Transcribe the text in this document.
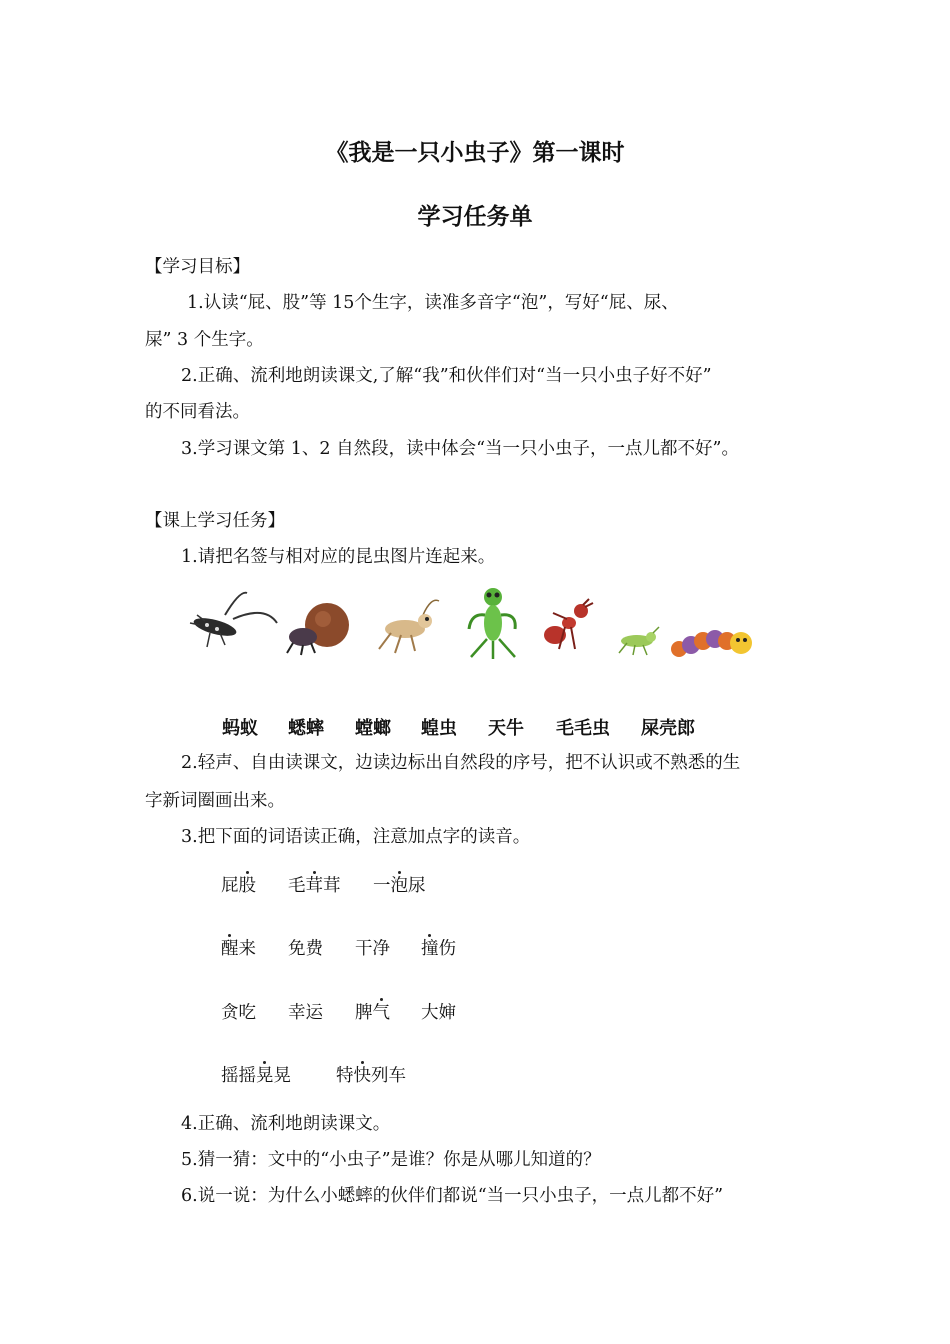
《我是一只小虫子》第一课时
学习任务单
【学习目标】
1.认读“屁、股”等 15个生字，读准多音字“泡”，写好“屁、尿、
屎” 3 个生字。
2.正确、流利地朗读课文,了解“我”和伙伴们对“当一只小虫子好不好”
的不同看法。
3.学习课文第 1、2 自然段，读中体会“当一只小虫子，一点儿都不好”。
【课上学习任务】
1.请把名签与相对应的昆虫图片连起来。
蚂蚁 蟋蟀 螳螂 蝗虫 天牛 毛毛虫 屎壳郎
2.轻声、自由读课文，边读边标出自然段的序号，把不认识或不熟悉的生
字新词圈画出来。
3.把下面的词语读正确，注意加点字的读音。
屁股 毛茸茸 一泡尿
醒来 免费 干净 撞伤
贪吃 幸运 脾气 大婶
摇摇晃晃	特快列车
4.正确、流利地朗读课文。
5.猜一猜：文中的“小虫子”是谁？你是从哪儿知道的？
6.说一说：为什么小蟋蟀的伙伴们都说“当一只小虫子，一点儿都不好”
